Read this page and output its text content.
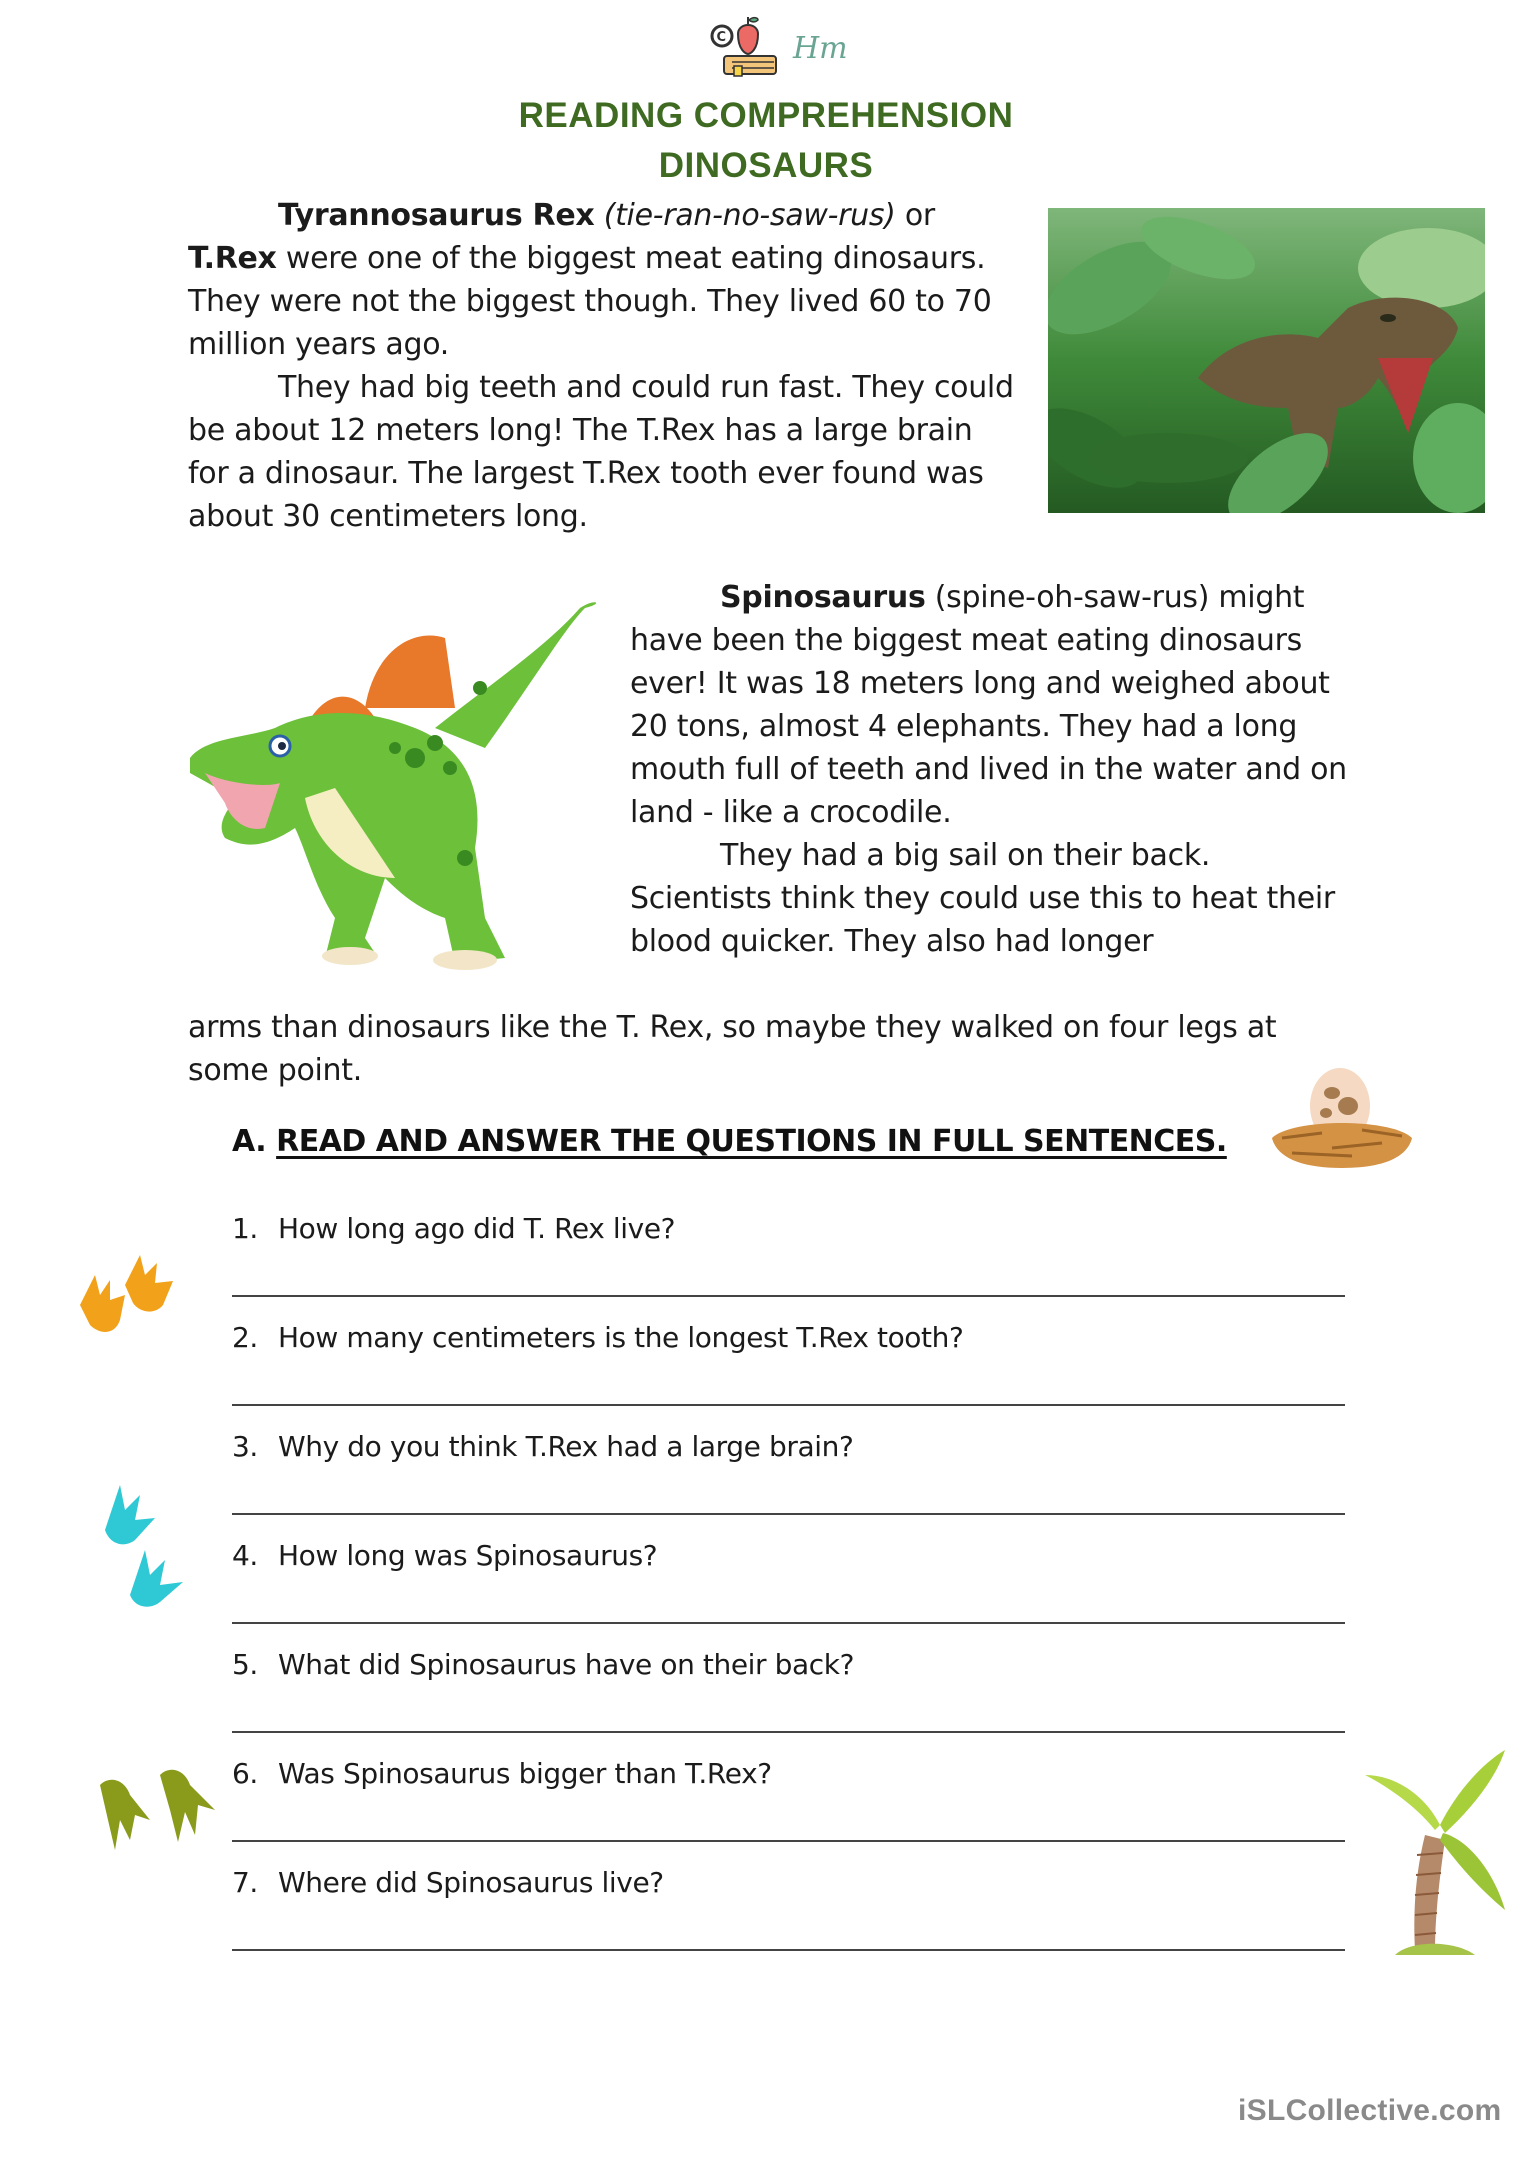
C Hm
READING COMPREHENSION
DINOSAURS
Tyrannosaurus Rex (tie-ran-no-saw-rus) or T.Rex were one of the biggest meat eating dinosaurs. They were not the biggest though. They lived 60 to 70 million years ago.
They had big teeth and could run fast. They could be about 12 meters long! The T.Rex has a large brain for a dinosaur. The largest T.Rex tooth ever found was about 30 centimeters long.
Spinosaurus (spine-oh-saw-rus) might have been the biggest meat eating dinosaurs ever! It was 18 meters long and weighed about 20 tons, almost 4 elephants. They had a long mouth full of teeth and lived in the water and on land - like a crocodile.
They had a big sail on their back. Scientists think they could use this to heat their blood quicker. They also had longer
arms than dinosaurs like the T. Rex, so maybe they walked on four legs at some point.
A. READ AND ANSWER THE QUESTIONS IN FULL SENTENCES.
1. How long ago did T. Rex live?
2. How many centimeters is the longest T.Rex tooth?
3. Why do you think T.Rex had a large brain?
4. How long was Spinosaurus?
5. What did Spinosaurus have on their back?
6. Was Spinosaurus bigger than T.Rex?
7. Where did Spinosaurus live?
iSLCollective.com
